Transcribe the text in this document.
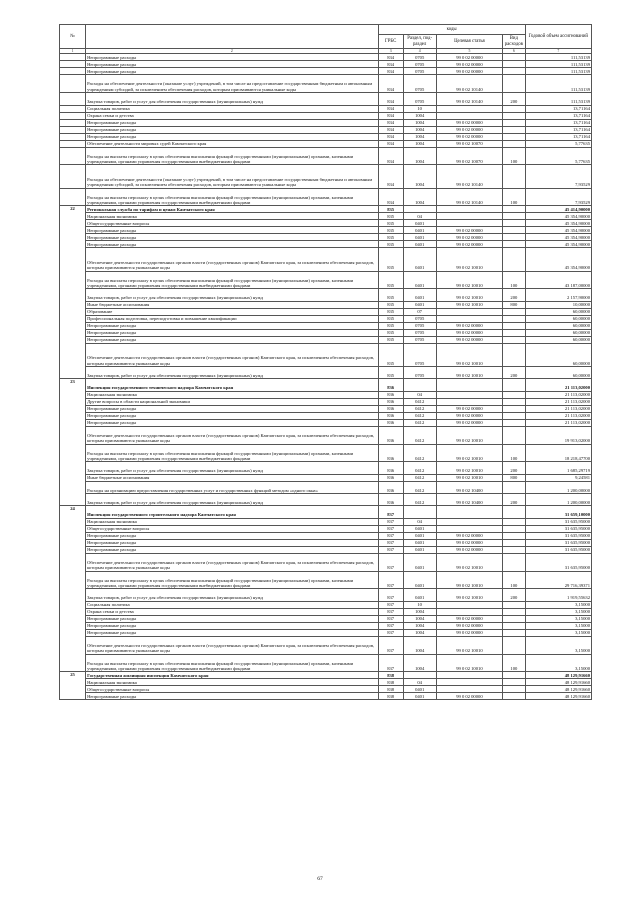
№		коды				Годовой объем ассигнований
		ГРБС	Раздел, под-раздел	Целевая статья	Вид расходов	
1	2	3	4	5	6	7
	Непрограммные расходы	834	0705	99 0 02 00000		111,53139
	Непрограммные расходы	834	0705	99 0 02 00000		111,53139
	Непрограммные расходы	834	0705	99 0 02 00000		111,53139
	Расходы на обеспечение деятельности (оказание услуг) учреждений, в том числе на предоставление государственным бюджетным и автономным учреждениям субсидий, за исключением обеспечения расходов, которым присваиваются уникальные коды	834	0705	99 0 02 10140		111,53139
	Закупка товаров, работ и услуг для обеспечения государственных (муниципальных) нужд	834	0705	99 0 02 10140	200	111,53139
	Социальная политика	834	10			13,71164
	Охрана семьи и детства	834	1004			13,71164
	Непрограммные расходы	834	1004	99 0 02 00000		13,71164
	Непрограммные расходы	834	1004	99 0 02 00000		13,71164
	Непрограммные расходы	834	1004	99 0 02 00000		13,71164
	Обеспечение деятельности мировых судей Камчатского края	834	1004	99 0 02 10070		5,77635
	Расходы на выплаты персоналу в целях обеспечения выполнения функций государственными (муниципальными) органами, казенными учреждениями, органами управления государственными внебюджетными фондами	834	1004	99 0 02 10070	100	5,77635
	Расходы на обеспечение деятельности (оказание услуг) учреждений, в том числе на предоставление государственным бюджетным и автономным учреждениям субсидий, за исключением обеспечения расходов, которым присваиваются уникальные коды	834	1004	99 0 02 10140		7,93529
	Расходы на выплаты персоналу в целях обеспечения выполнения функций государственными (муниципальными) органами, казенными учреждениями, органами управления государственными внебюджетными фондами	834	1004	99 0 02 10140	100	7,93529
22	Региональная служба по тарифам и ценам Камчатского края	835				45 414,90000
	Национальная экономика	835	04			45 354,90000
	Общегосударственные вопросы	835	0401			45 354,90000
	Непрограммные расходы	835	0401	99 0 02 00000		45 354,90000
	Непрограммные расходы	835	0401	99 0 02 00000		45 354,90000
	Непрограммные расходы	835	0401	99 0 02 00000		45 354,90000
	Обеспечение деятельности государственных органов власти (государственных органов) Камчатского края, за исключением обеспечения расходов, которым присваиваются уникальные коды	835	0401	99 0 02 10010		45 354,90000
	Расходы на выплаты персоналу в целях обеспечения выполнения функций государственными (муниципальными) органами, казенными учреждениями, органами управления государственными внебюджетными фондами	835	0401	99 0 02 10010	100	43 187,00000
	Закупка товаров, работ и услуг для обеспечения государственных (муниципальных) нужд	835	0401	99 0 02 10010	200	2 157,90000
	Иные бюджетные ассигнования	835	0401	99 0 02 10010	800	10,00000
	Образование	835	07			60,00000
	Профессиональная подготовка, переподготовка и повышение квалификации	835	0705			60,00000
	Непрограммные расходы	835	0705	99 0 02 00000		60,00000
	Непрограммные расходы	835	0705	99 0 02 00000		60,00000
	Непрограммные расходы	835	0705	99 0 02 00000		60,00000
	Обеспечение деятельности государственных органов власти (государственных органов) Камчатского края, за исключением обеспечения расходов, которым присваиваются уникальные коды	835	0705	99 0 02 10010		60,00000
	Закупка товаров, работ и услуг для обеспечения государственных (муниципальных) нужд	835	0705	99 0 02 10010	200	60,00000
23	Инспекция государственного технического надзора Камчатского края	836				21 113,02000
	Национальная экономика	836	04			21 113,02000
	Другие вопросы в области национальной экономики	836	0412			21 113,02000
	Непрограммные расходы	836	0412	99 0 02 00000		21 113,02000
	Непрограммные расходы	836	0412	99 0 02 00000		21 113,02000
	Непрограммные расходы	836	0412	99 0 02 00000		21 113,02000
	Обеспечение деятельности государственных органов власти (государственных органов) Камчатского края, за исключением обеспечения расходов, которым присваиваются уникальные коды	836	0412	99 0 02 10010		19 913,02000
	Расходы на выплаты персоналу в целях обеспечения выполнения функций государственными (муниципальными) органами, казенными учреждениями, органами управления государственными внебюджетными фондами	836	0412	99 0 02 10010	100	18 218,47700
	Закупка товаров, работ и услуг для обеспечения государственных (муниципальных) нужд	836	0412	99 0 02 10010	200	1 685,29719
	Иные бюджетные ассигнования	836	0412	99 0 02 10010	800	9,24581
	Расходы на организацию предоставления государственных услуг и государственных функций методом «одного окна»	836	0412	99 0 02 10400		1 200,00000
	Закупка товаров, работ и услуг для обеспечения государственных (муниципальных) нужд	836	0412	99 0 02 10400	200	1 200,00000
24	Инспекция государственного строительного надзора Камчатского края	837				31 659,10000
	Национальная экономика	837	04			31 635,95000
	Общегосударственные вопросы	837	0401			31 635,95000
	Непрограммные расходы	837	0401	99 0 02 00000		31 635,95000
	Непрограммные расходы	837	0401	99 0 02 00000		31 635,95000
	Непрограммные расходы	837	0401	99 0 02 00000		31 635,95000
	Обеспечение деятельности государственных органов власти (государственных органов) Камчатского края, за исключением обеспечения расходов, которым присваиваются уникальные коды	837	0401	99 0 02 10010		31 635,95000
	Расходы на выплаты персоналу в целях обеспечения выполнения функций государственными (муниципальными) органами, казенными учреждениями, органами управления государственными внебюджетными фондами	837	0401	99 0 02 10010	100	29 716,39371
	Закупка товаров, работ и услуг для обеспечения государственных (муниципальных) нужд	837	0401	99 0 02 10010	200	1 919,55632
	Социальная политика	837	10			3,15000
	Охрана семьи и детства	837	1004			3,15000
	Непрограммные расходы	837	1004	99 0 02 00000		3,15000
	Непрограммные расходы	837	1004	99 0 02 00000		3,15000
	Непрограммные расходы	837	1004	99 0 02 00000		3,15000
	Обеспечение деятельности государственных органов власти (государственных органов) Камчатского края, за исключением обеспечения расходов, которым присваиваются уникальные коды	837	1004	99 0 02 10010		3,15000
	Расходы на выплаты персоналу в целях обеспечения выполнения функций государственными (муниципальными) органами, казенными учреждениями, органами управления государственными внебюджетными фондами	837	1004	99 0 02 10010	100	3,15000
25	Государственная жилищная инспекция Камчатского края	838				48 129,91660
	Национальная экономика	838	04			48 129,91660
	Общегосударственные вопросы	838	0401			48 129,91660
	Непрограммные расходы	838	0401	99 0 02 00000		48 129,91660
67
